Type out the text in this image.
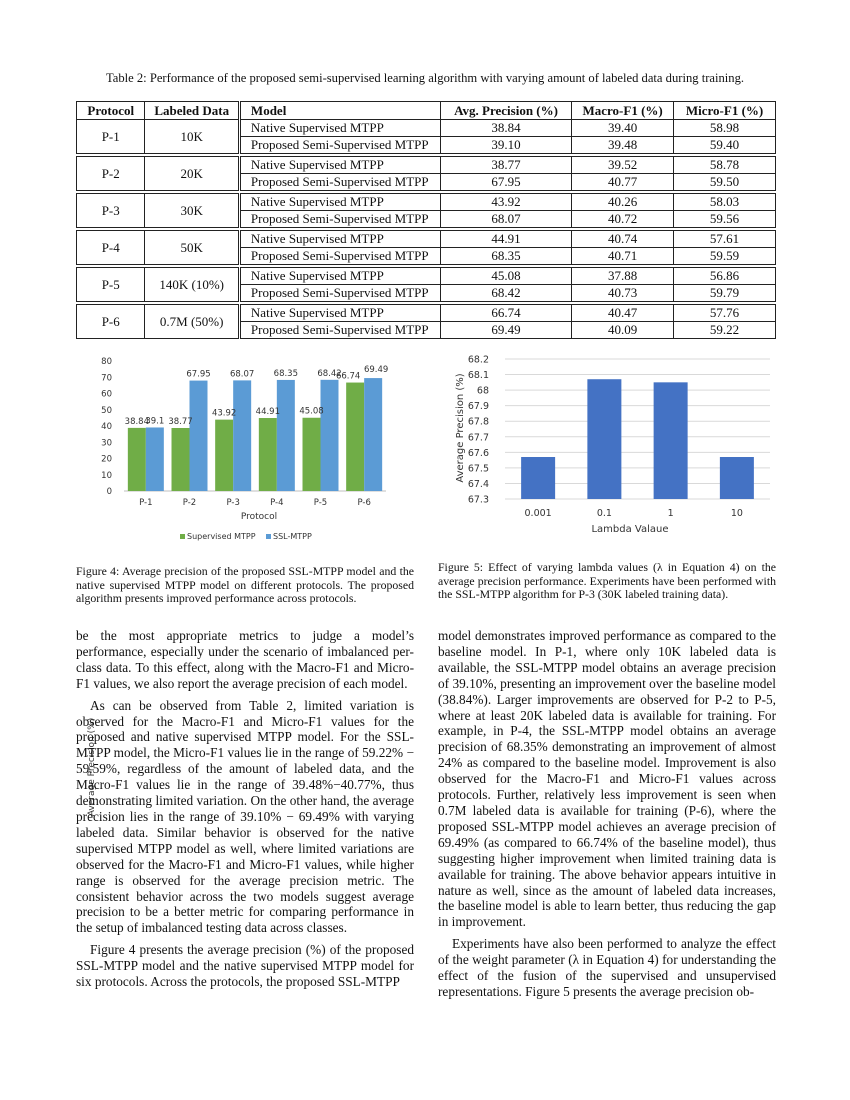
Table 2: Performance of the proposed semi-supervised learning algorithm with varying amount of labeled data during training.
Protocol	Labeled Data	Model	Avg. Precision (%)	Macro-F1 (%)	Micro-F1 (%)
P-1	10K	Native Supervised MTPP	38.84	39.40	58.98
		Proposed Semi-Supervised MTPP	39.10	39.48	59.40

P-2	20K	Native Supervised MTPP	38.77	39.52	58.78
		Proposed Semi-Supervised MTPP	67.95	40.77	59.50

P-3	30K	Native Supervised MTPP	43.92	40.26	58.03
		Proposed Semi-Supervised MTPP	68.07	40.72	59.56

P-4	50K	Native Supervised MTPP	44.91	40.74	57.61
		Proposed Semi-Supervised MTPP	68.35	40.71	59.59

P-5	140K (10%)	Native Supervised MTPP	45.08	37.88	56.86
		Proposed Semi-Supervised MTPP	68.42	40.73	59.79

P-6	0.7M (50%)	Native Supervised MTPP	66.74	40.47	57.76
		Proposed Semi-Supervised MTPP	69.49	40.09	59.22
0
10
20
30
40
50
60
70
80
P-1	P-2	P-3	P-4	P-5	P-6
38.84
39.1 38.77
67.95
43.92
68.07
44.91
68.35
45.08
68.42
66.74
69.49
Average Precision (%)
Protocol
Supervised MTPP SSL-MTPP
67.3
67.4
67.5
67.6
67.7
67.8
67.9
68
68.1
68.2
0.001	0.1	1	10
Average Precision (%)
Lambda Valaue
Figure 4: Average precision of the proposed SSL-MTPP model and the native supervised MTPP model on different protocols. The proposed algorithm presents improved performance across protocols.
Figure 5: Effect of varying lambda values (λ in Equation 4) on the average precision performance. Experiments have been performed with the SSL-MTPP algorithm for P-3 (30K labeled training data).

be the most appropriate metrics to judge a model’s performance, especially under the scenario of imbalanced per-class data. To this effect, along with the Macro-F1 and Micro-F1 values, we also report the average precision of each model.

As can be observed from Table 2, limited variation is observed for the Macro-F1 and Micro-F1 values for the proposed and native supervised MTPP model. For the SSL-MTPP model, the Micro-F1 values lie in the range of 59.22% − 59.59%, regardless of the amount of labeled data, and the Macro-F1 values lie in the range of 39.48%−40.77%, thus demonstrating limited variation. On the other hand, the average precision lies in the range of 39.10% − 69.49% with varying labeled data. Similar behavior is observed for the native supervised MTPP model as well, where limited variations are observed for the Macro-F1 and Micro-F1 values, while higher range is observed for the average precision metric. The consistent behavior across the two models suggest average precision to be a better metric for comparing performance in the setup of imbalanced testing data across classes.

Figure 4 presents the average precision (%) of the proposed SSL-MTPP model and the native supervised MTPP model for six protocols. Across the protocols, the proposed SSL-MTPP

model demonstrates improved performance as compared to the baseline model. In P-1, where only 10K labeled data is available, the SSL-MTPP model obtains an average precision of 39.10%, presenting an improvement over the baseline model (38.84%). Larger improvements are observed for P-2 to P-5, where at least 20K labeled data is available for training. For example, in P-4, the SSL-MTPP model obtains an average precision of 68.35% demonstrating an improvement of almost 24% as compared to the baseline model. Improvement is also observed for the Macro-F1 and Micro-F1 values across protocols. Further, relatively less improvement is seen when 0.7M labeled data is available for training (P-6), where the proposed SSL-MTPP model achieves an average precision of 69.49% (as compared to 66.74% of the baseline model), thus suggesting higher improvement when limited training data is available for training. The above behavior appears intuitive in nature as well, since as the amount of labeled data increases, the baseline model is able to learn better, thus reducing the gap in improvement.

Experiments have also been performed to analyze the effect of the weight parameter (λ in Equation 4) for understanding the effect of the fusion of the supervised and unsupervised representations. Figure 5 presents the average precision ob-
